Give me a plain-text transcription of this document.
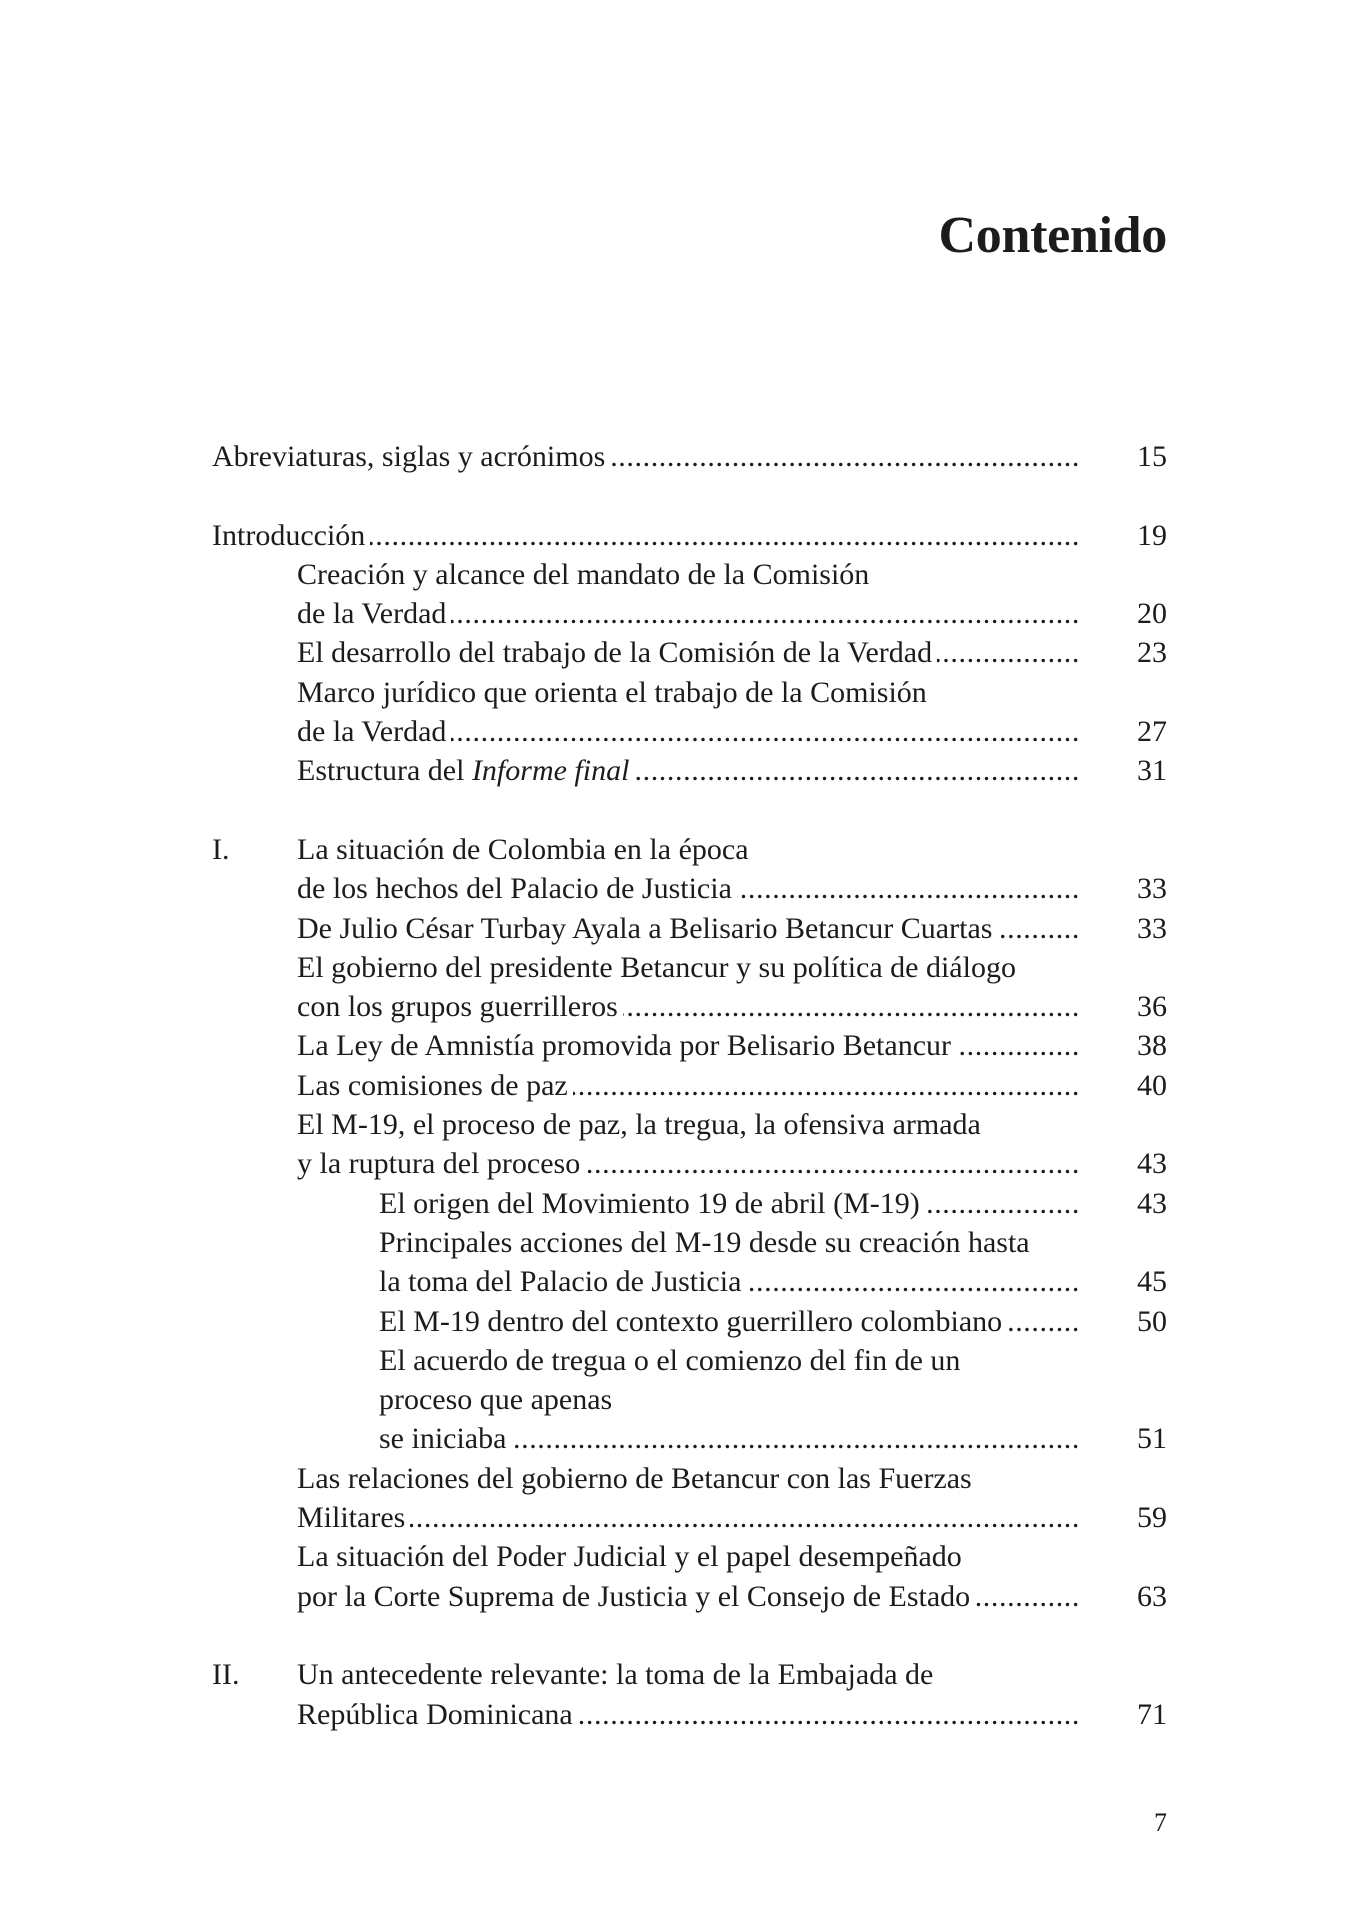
Contenido
Abreviaturas, siglas y acrónimos .....	15
Introducción .....	19
Creación y alcance del mandato de la Comisión
de la Verdad .....	20
El desarrollo del trabajo de la Comisión de la Verdad .....	23
Marco jurídico que orienta el trabajo de la Comisión
de la Verdad .....	27
Estructura del Informe final .....	31
I. La situación de Colombia en la época
de los hechos del Palacio de Justicia .....	33
De Julio César Turbay Ayala a Belisario Betancur Cuartas .....	33
El gobierno del presidente Betancur y su política de diálogo
con los grupos guerrilleros .....	36
La Ley de Amnistía promovida por Belisario Betancur .....	38
Las comisiones de paz .....	40
El M-19, el proceso de paz, la tregua, la ofensiva armada
y la ruptura del proceso .....	43
El origen del Movimiento 19 de abril (M-19) .....	43
Principales acciones del M-19 desde su creación hasta
la toma del Palacio de Justicia .....	45
El M-19 dentro del contexto guerrillero colombiano .....	50
El acuerdo de tregua o el comienzo del fin de un
proceso que apenas
se iniciaba .....	51
Las relaciones del gobierno de Betancur con las Fuerzas
Militares .....	59
La situación del Poder Judicial y el papel desempeñado
por la Corte Suprema de Justicia y el Consejo de Estado .....	63
II. Un antecedente relevante: la toma de la Embajada de
República Dominicana .....	71
7
